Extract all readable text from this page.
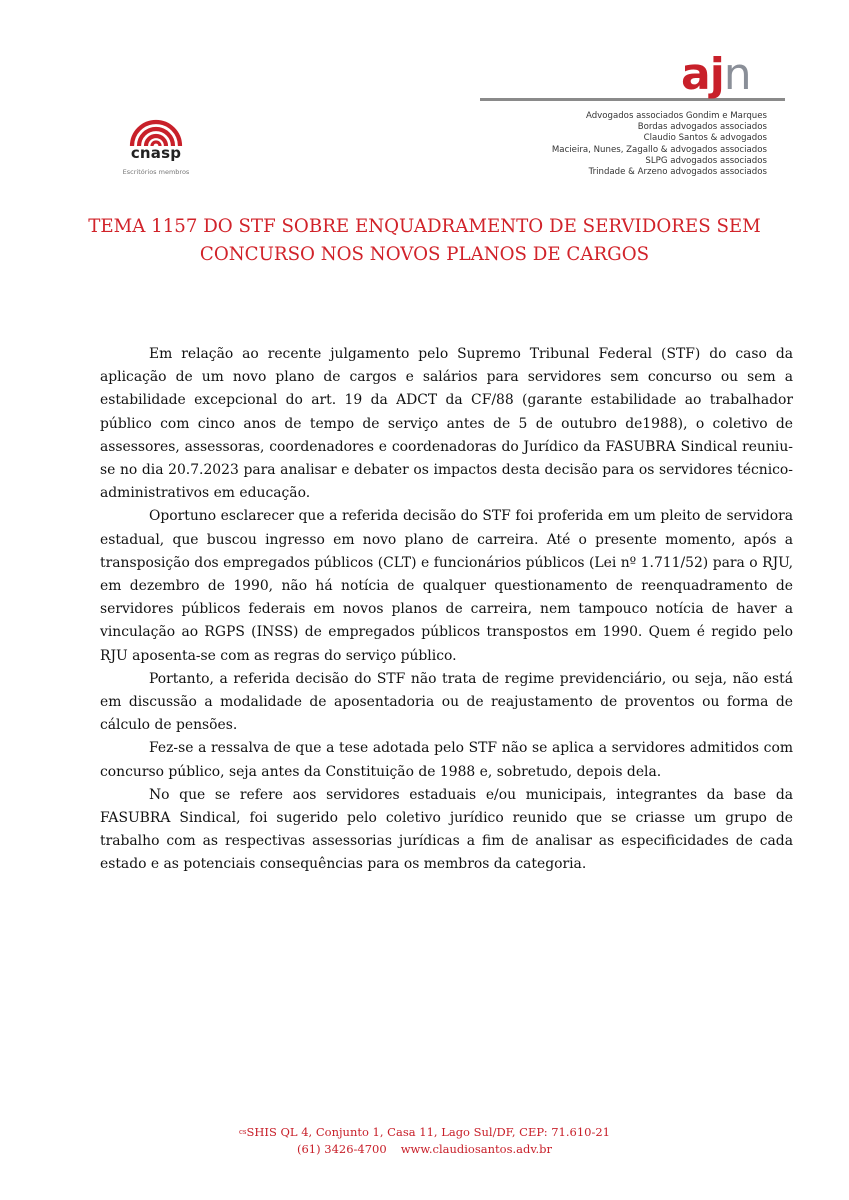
cnasp
Escritórios membros
ajn
Advogados associados Gondim e Marques
Bordas advogados associados
Claudio Santos & advogados
Macieira, Nunes, Zagallo & advogados associados
SLPG advogados associados
Trindade & Arzeno advogados associados
TEMA 1157 DO STF SOBRE ENQUADRAMENTO DE SERVIDORES SEM
CONCURSO NOS NOVOS PLANOS DE CARGOS

Em relação ao recente julgamento pelo Supremo Tribunal Federal (STF) do caso da aplicação de um novo plano de cargos e salários para servidores sem concurso ou sem a estabilidade excepcional do art. 19 da ADCT da CF/88 (garante estabilidade ao trabalhador público com cinco anos de tempo de serviço antes de 5 de outubro de1988), o coletivo de assessores, assessoras, coordenadores e coordenadoras do Jurídico da FASUBRA Sindical reuniu-se no dia 20.7.2023 para analisar e debater os impactos desta decisão para os servidores técnico-administrativos em educação.

Oportuno esclarecer que a referida decisão do STF foi proferida em um pleito de servidora estadual, que buscou ingresso em novo plano de carreira. Até o presente momento, após a transposição dos empregados públicos (CLT) e funcionários públicos (Lei nº 1.711/52) para o RJU, em dezembro de 1990, não há notícia de qualquer questionamento de reenquadramento de servidores públicos federais em novos planos de carreira, nem tampouco notícia de haver a vinculação ao RGPS (INSS) de empregados públicos transpostos em 1990. Quem é regido pelo RJU aposenta-se com as regras do serviço público.

Portanto, a referida decisão do STF não trata de regime previdenciário, ou seja, não está em discussão a modalidade de aposentadoria ou de reajustamento de proventos ou forma de cálculo de pensões.

Fez-se a ressalva de que a tese adotada pelo STF não se aplica a servidores admitidos com concurso público, seja antes da Constituição de 1988 e, sobretudo, depois dela.

No que se refere aos servidores estaduais e/ou municipais, integrantes da base da FASUBRA Sindical, foi sugerido pelo coletivo jurídico reunido que se criasse um grupo de trabalho com as respectivas assessorias jurídicas a fim de analisar as especificidades de cada estado e as potenciais consequências para os membros da categoria.

csSHIS QL 4, Conjunto 1, Casa 11, Lago Sul/DF, CEP: 71.610-21
(61) 3426-4700 www.claudiosantos.adv.br
